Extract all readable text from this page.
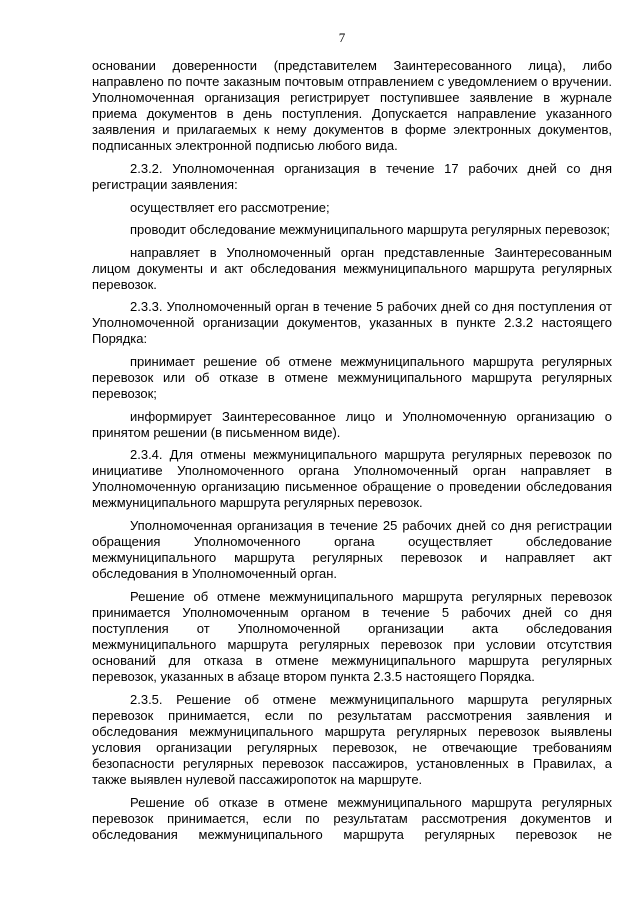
7

основании доверенности (представителем Заинтересованного лица), либо направлено по почте заказным почтовым отправлением с уведомлением о вручении. Уполномоченная организация регистрирует поступившее заявление в журнале приема документов в день поступления. Допускается направление указанного заявления и прилагаемых к нему документов в форме электронных документов, подписанных электронной подписью любого вида.

2.3.2. Уполномоченная организация в течение 17 рабочих дней со дня регистрации заявления:

осуществляет его рассмотрение;

проводит обследование межмуниципального маршрута регулярных перевозок;

направляет в Уполномоченный орган представленные Заинтересованным лицом документы и акт обследования межмуниципального маршрута регулярных перевозок.

2.3.3. Уполномоченный орган в течение 5 рабочих дней со дня поступления от Уполномоченной организации документов, указанных в пункте 2.3.2 настоящего Порядка:

принимает решение об отмене межмуниципального маршрута регулярных перевозок или об отказе в отмене межмуниципального маршрута регулярных перевозок;

информирует Заинтересованное лицо и Уполномоченную организацию о принятом решении (в письменном виде).

2.3.4. Для отмены межмуниципального маршрута регулярных перевозок по инициативе Уполномоченного органа Уполномоченный орган направляет в Уполномоченную организацию письменное обращение о проведении обследования межмуниципального маршрута регулярных перевозок.

Уполномоченная организация в течение 25 рабочих дней со дня регистрации обращения Уполномоченного органа осуществляет обследование межмуниципального маршрута регулярных перевозок и направляет акт обследования в Уполномоченный орган.

Решение об отмене межмуниципального маршрута регулярных перевозок принимается Уполномоченным органом в течение 5 рабочих дней со дня поступления от Уполномоченной организации акта обследования межмуниципального маршрута регулярных перевозок при условии отсутствия оснований для отказа в отмене межмуниципального маршрута регулярных перевозок, указанных в абзаце втором пункта 2.3.5 настоящего Порядка.

2.3.5. Решение об отмене межмуниципального маршрута регулярных перевозок принимается, если по результатам рассмотрения заявления и обследования межмуниципального маршрута регулярных перевозок выявлены условия организации регулярных перевозок, не отвечающие требованиям безопасности регулярных перевозок пассажиров, установленных в Правилах, а также выявлен нулевой пассажиропоток на маршруте.

Решение об отказе в отмене межмуниципального маршрута регулярных перевозок принимается, если по результатам рассмотрения документов и обследования межмуниципального маршрута регулярных перевозок не
